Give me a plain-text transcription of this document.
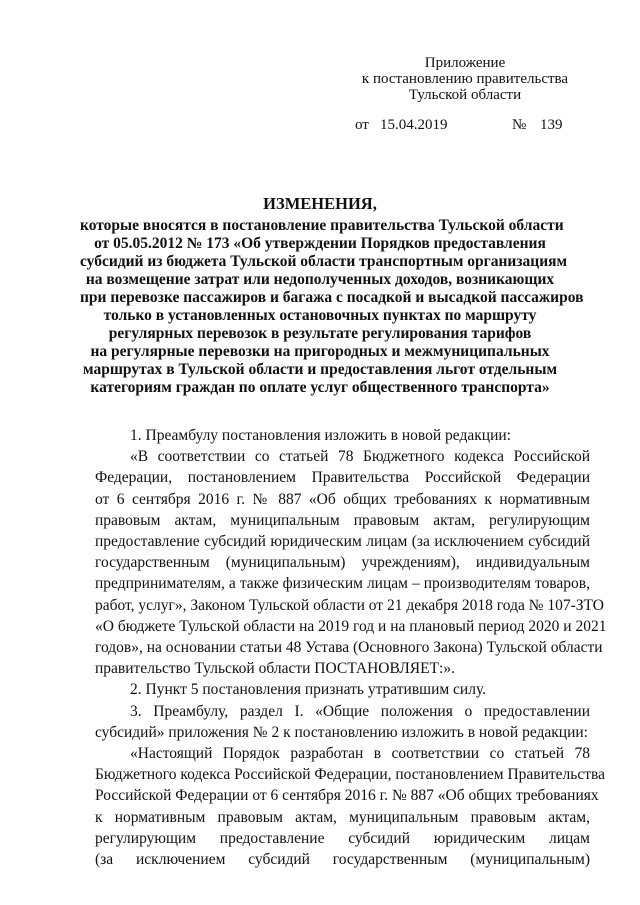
Приложение
к постановлению правительства
Тульской области
от 15.04.2019	№ 139
ИЗМЕНЕНИЯ,
которые вносятся в постановление правительства Тульской области
от 05.05.2012 № 173 «Об утверждении Порядков предоставления
субсидий из бюджета Тульской области транспортным организациям
на возмещение затрат или недополученных доходов, возникающих
при перевозке пассажиров и багажа с посадкой и высадкой пассажиров
только в установленных остановочных пунктах по маршруту
регулярных перевозок в результате регулирования тарифов
на регулярные перевозки на пригородных и межмуниципальных
маршрутах в Тульской области и предоставления льгот отдельным
категориям граждан по оплате услуг общественного транспорта»
1. Преамбулу постановления изложить в новой редакции:
«В соответствии со статьей 78 Бюджетного кодекса Российской
Федерации, постановлением Правительства Российской Федерации
от 6 сентября 2016 г. № 887 «Об общих требованиях к нормативным
правовым актам, муниципальным правовым актам, регулирующим
предоставление субсидий юридическим лицам (за исключением субсидий
государственным (муниципальным) учреждениям), индивидуальным
предпринимателям, а также физическим лицам – производителям товаров,
работ, услуг», Законом Тульской области от 21 декабря 2018 года № 107-ЗТО
«О бюджете Тульской области на 2019 год и на плановый период 2020 и 2021
годов», на основании статьи 48 Устава (Основного Закона) Тульской области
правительство Тульской области ПОСТАНОВЛЯЕТ:».
2. Пункт 5 постановления признать утратившим силу.
3. Преамбулу, раздел I. «Общие положения о предоставлении
субсидий» приложения № 2 к постановлению изложить в новой редакции:
«Настоящий Порядок разработан в соответствии со статьей 78
Бюджетного кодекса Российской Федерации, постановлением Правительства
Российской Федерации от 6 сентября 2016 г. № 887 «Об общих требованиях
к нормативным правовым актам, муниципальным правовым актам,
регулирующим предоставление субсидий юридическим лицам
(за исключением субсидий государственным (муниципальным)
